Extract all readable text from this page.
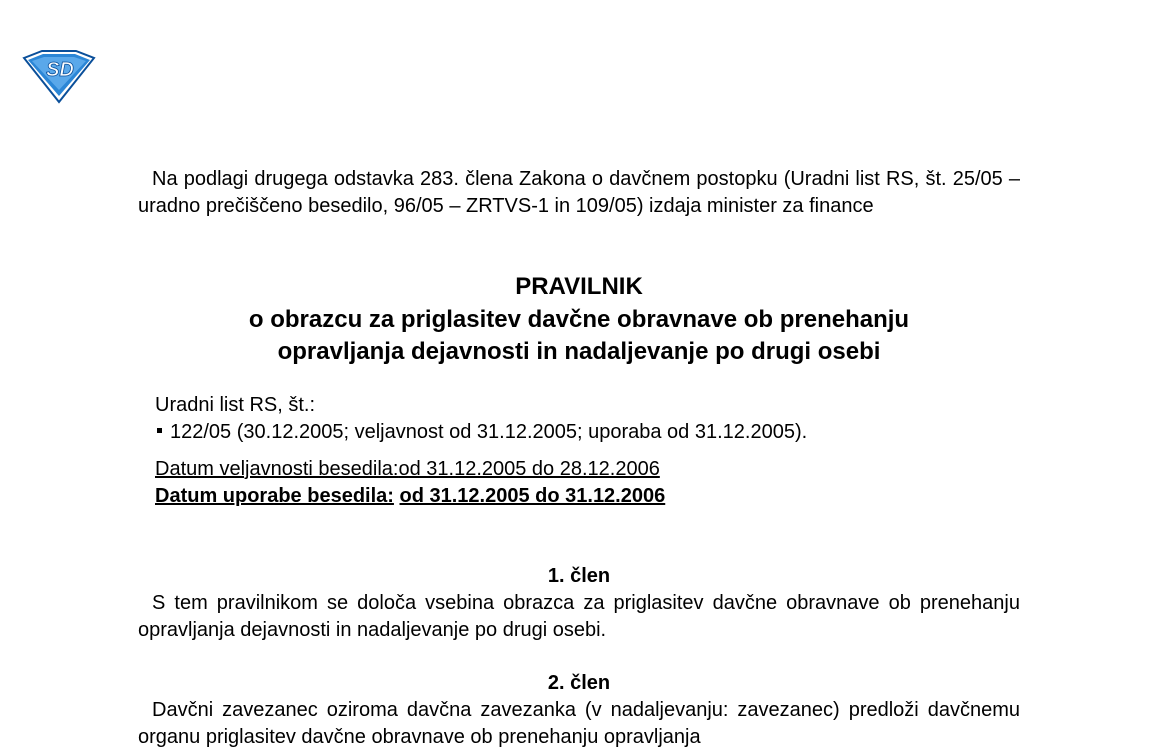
SD

Na podlagi drugega odstavka 283. člena Zakona o davčnem postopku (Uradni list RS, št. 25/05 – uradno prečiščeno besedilo, 96/05 – ZRTVS-1 in 109/05) izdaja minister za finance

PRAVILNIK
o obrazcu za priglasitev davčne obravnave ob prenehanju
opravljanja dejavnosti in nadaljevanje po drugi osebi
Uradni list RS, št.:
122/05 (30.12.2005; veljavnost od 31.12.2005; uporaba od 31.12.2005).
Datum veljavnosti besedila:od 31.12.2005 do 28.12.2006
Datum uporabe besedila: od 31.12.2005 do 31.12.2006
1. člen

S tem pravilnikom se določa vsebina obrazca za priglasitev davčne obravnave ob prenehanju opravljanja dejavnosti in nadaljevanje po drugi osebi.

2. člen

Davčni zavezanec oziroma davčna zavezanka (v nadaljevanju: zavezanec) predloži davčnemu organu priglasitev davčne obravnave ob prenehanju opravljanja
